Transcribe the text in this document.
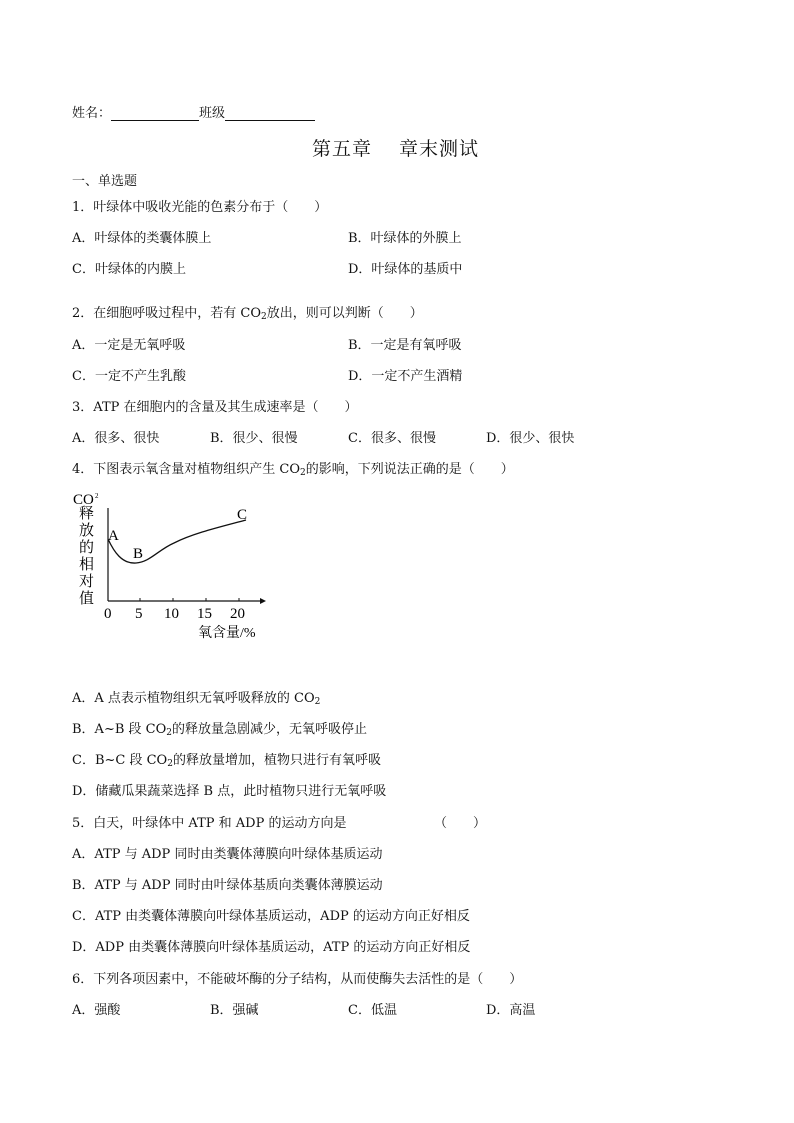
姓名：	班级
第五章　 章末测试
一、单选题
1．叶绿体中吸收光能的色素分布于（　　）
A．叶绿体的类囊体膜上	B．叶绿体的外膜上
C．叶绿体的内膜上	D．叶绿体的基质中
2．在细胞呼吸过程中，若有 $CO_2$放出，则可以判断（　　）
A．一定是无氧呼吸	B．一定是有氧呼吸
C．一定不产生乳酸	D．一定不产生酒精
3．ATP 在细胞内的含量及其生成速率是（　　）
A．很多、很快	B．很少、很慢	C．很多、很慢	D．很少、很快
4．下图表示氧含量对植物组织产生 $CO_2$的影响，下列说法正确的是（　　）
CO 2
释
放
的
相
对
值
0 5 10 15 20
氧含量/%
A
B
C
A．A 点表示植物组织无氧呼吸释放的 $CO_2$
B．A~B 段 $CO_2$的释放量急剧减少，无氧呼吸停止
C．B~C 段 $CO_2$的释放量增加，植物只进行有氧呼吸
D．储藏瓜果蔬菜选择 B 点，此时植物只进行无氧呼吸
5．白天，叶绿体中 ATP 和 ADP 的运动方向是	（　　）
A．ATP 与 ADP 同时由类囊体薄膜向叶绿体基质运动
B．ATP 与 ADP 同时由叶绿体基质向类囊体薄膜运动
C．ATP 由类囊体薄膜向叶绿体基质运动，ADP 的运动方向正好相反
D．ADP 由类囊体薄膜向叶绿体基质运动，ATP 的运动方向正好相反
6．下列各项因素中，不能破坏酶的分子结构，从而使酶失去活性的是（　　）
A．强酸	B．强碱	C．低温	D．高温
